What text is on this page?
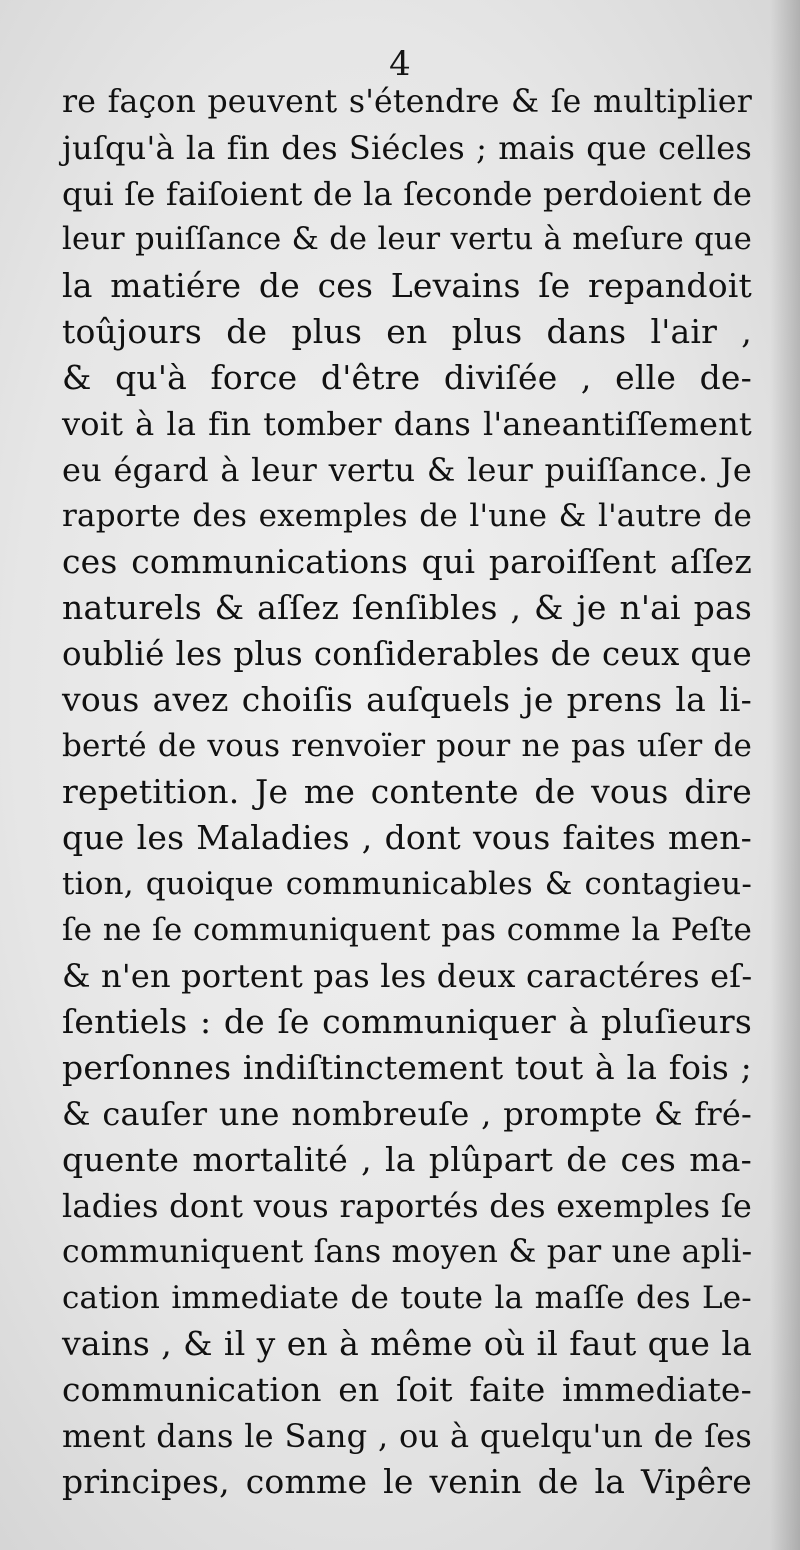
4
re façon peuvent s'étendre & ſe multiplier
juſqu'à la fin des Siécles ; mais que celles
qui ſe faiſoient de la ſeconde perdoient de
leur puiſſance & de leur vertu à meſure que
la matiére de ces Levains ſe repandoit
toûjours de plus en plus dans l'air ,
& qu'à force d'être diviſée , elle de-
voit à la fin tomber dans l'aneantiſſement
eu égard à leur vertu & leur puiſſance. Je
raporte des exemples de l'une & l'autre de
ces communications qui paroiſſent aſſez
naturels & aſſez ſenſibles , & je n'ai pas
oublié les plus conſiderables de ceux que
vous avez choiſis auſquels je prens la li-
berté de vous renvoïer pour ne pas uſer de
repetition. Je me contente de vous dire
que les Maladies , dont vous faites men-
tion, quoique communicables & contagieu-
ſe ne ſe communiquent pas comme la Peſte
& n'en portent pas les deux caractéres eſ-
ſentiels : de ſe communiquer à pluſieurs
perſonnes indiſtinctement tout à la fois ;
& cauſer une nombreuſe , prompte & fré-
quente mortalité , la plûpart de ces ma-
ladies dont vous raportés des exemples ſe
communiquent ſans moyen & par une apli-
cation immediate de toute la maſſe des Le-
vains , & il y en à même où il faut que la
communication en ſoit faite immediate-
ment dans le Sang , ou à quelqu'un de ſes
principes, comme le venin de la Vipêre
